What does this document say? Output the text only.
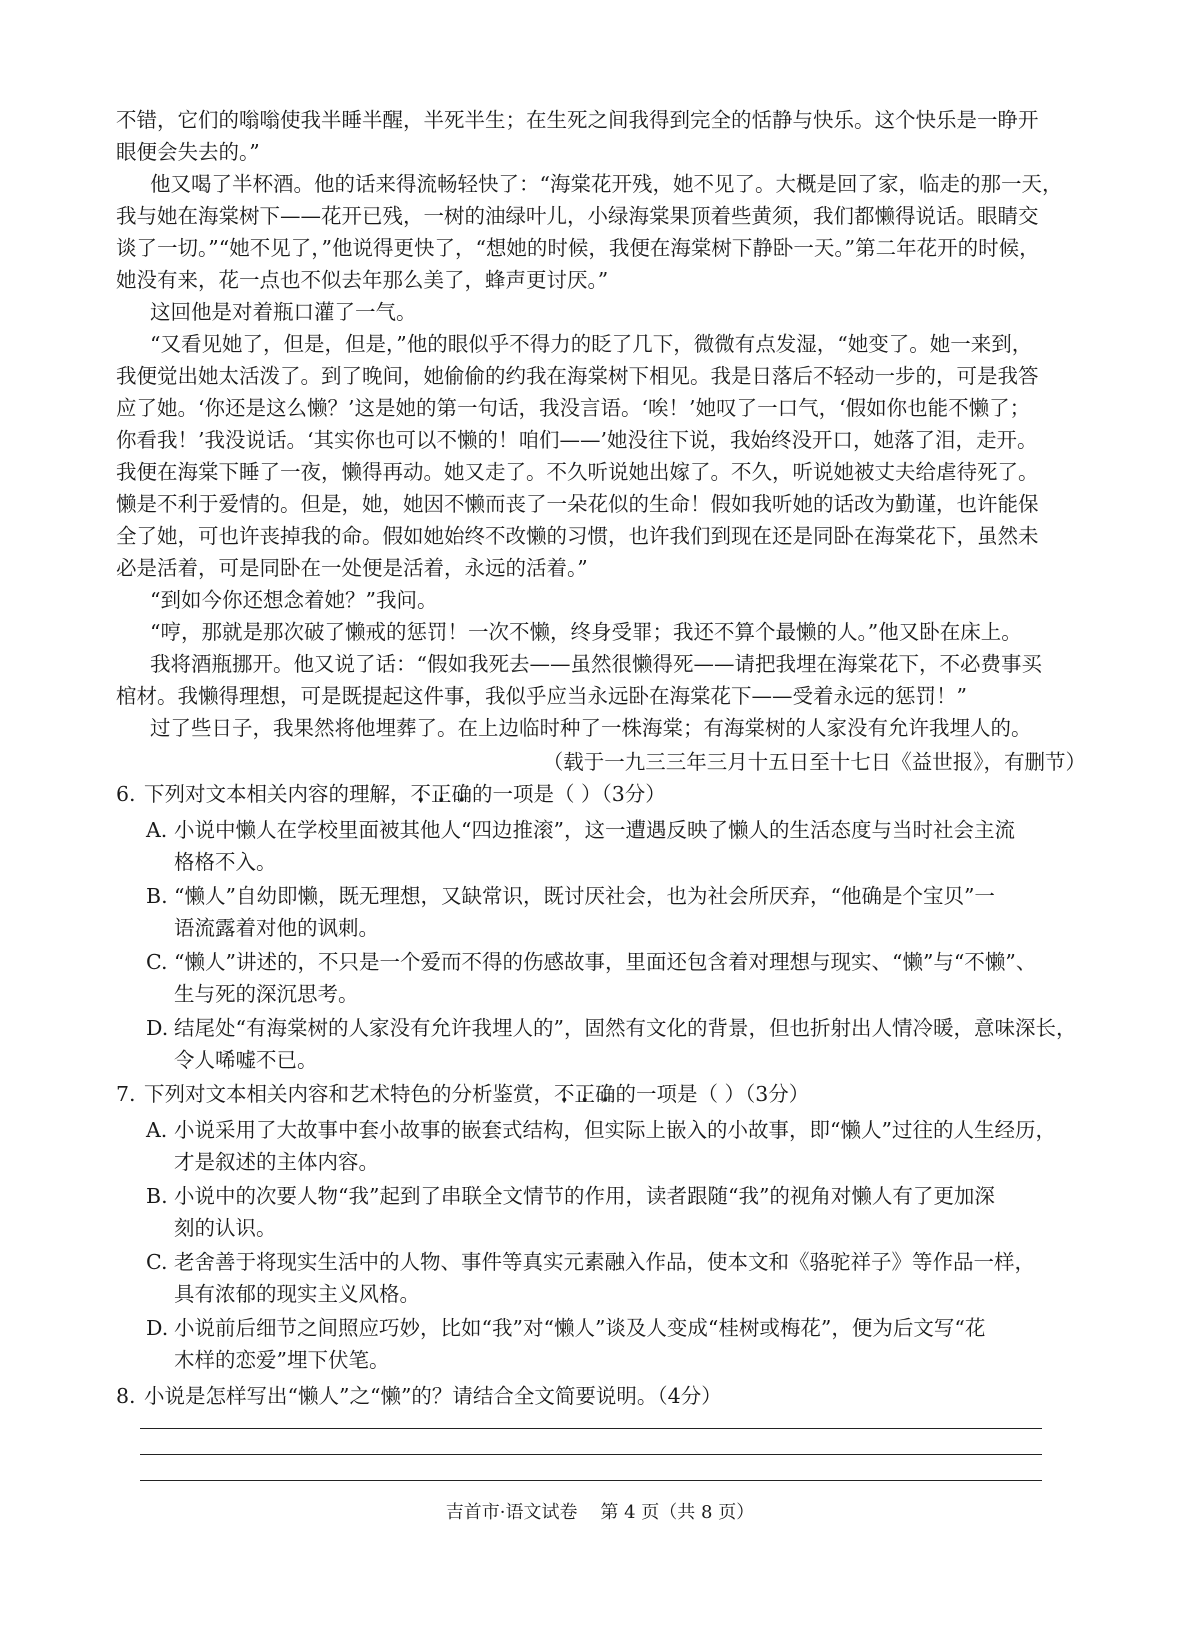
不错，它们的嗡嗡使我半睡半醒，半死半生；在生死之间我得到完全的恬静与快乐。这个快乐是一睁开
眼便会失去的。”
他又喝了半杯酒。他的话来得流畅轻快了：“海棠花开残，她不见了。大概是回了家，临走的那一天，
我与她在海棠树下——花开已残，一树的油绿叶儿，小绿海棠果顶着些黄须，我们都懒得说话。眼睛交
谈了一切。”“她不见了，”他说得更快了，“想她的时候，我便在海棠树下静卧一天。”第二年花开的时候，
她没有来，花一点也不似去年那么美了，蜂声更讨厌。”
这回他是对着瓶口灌了一气。
“又看见她了，但是，但是，”他的眼似乎不得力的眨了几下，微微有点发湿，“她变了。她一来到，
我便觉出她太活泼了。到了晚间，她偷偷的约我在海棠树下相见。我是日落后不轻动一步的，可是我答
应了她。‘你还是这么懒？’这是她的第一句话，我没言语。‘唉！’她叹了一口气，‘假如你也能不懒了；
你看我！’我没说话。‘其实你也可以不懒的！咱们——’她没往下说，我始终没开口，她落了泪，走开。
我便在海棠下睡了一夜，懒得再动。她又走了。不久听说她出嫁了。不久，听说她被丈夫给虐待死了。
懒是不利于爱情的。但是，她，她因不懒而丧了一朵花似的生命！假如我听她的话改为勤谨，也许能保
全了她，可也许丧掉我的命。假如她始终不改懒的习惯，也许我们到现在还是同卧在海棠花下，虽然未
必是活着，可是同卧在一处便是活着，永远的活着。”
“到如今你还想念着她？”我问。
“哼，那就是那次破了懒戒的惩罚！一次不懒，终身受罪；我还不算个最懒的人。”他又卧在床上。
我将酒瓶挪开。他又说了话：“假如我死去——虽然很懒得死——请把我埋在海棠花下，不必费事买
棺材。我懒得理想，可是既提起这件事，我似乎应当永远卧在海棠花下——受着永远的惩罚！”
过了些日子，我果然将他埋葬了。在上边临时种了一株海棠；有海棠树的人家没有允许我埋人的。
（载于一九三三年三月十五日至十七日《益世报》，有删节）
6. 下列对文本相关内容的理解，不 •正 •确 •的一项是（ ）（3分）
A. 小说中懒人在学校里面被其他人“四边推滚”，这一遭遇反映了懒人的生活态度与当时社会主流
格格不入。
B. “懒人”自幼即懒，既无理想，又缺常识，既讨厌社会，也为社会所厌弃，“他确是个宝贝”一
语流露着对他的讽刺。
C. “懒人”讲述的，不只是一个爱而不得的伤感故事，里面还包含着对理想与现实、“懒”与“不懒”、
生与死的深沉思考。
D. 结尾处“有海棠树的人家没有允许我埋人的”，固然有文化的背景，但也折射出人情冷暖，意味深长，
令人唏嘘不已。
7. 下列对文本相关内容和艺术特色的分析鉴赏，不 •正 •确 •的一项是（ ）（3分）
A. 小说采用了大故事中套小故事的嵌套式结构，但实际上嵌入的小故事，即“懒人”过往的人生经历，
才是叙述的主体内容。
B. 小说中的次要人物“我”起到了串联全文情节的作用，读者跟随“我”的视角对懒人有了更加深
刻的认识。
C. 老舍善于将现实生活中的人物、事件等真实元素融入作品，使本文和《骆驼祥子》等作品一样，
具有浓郁的现实主义风格。
D. 小说前后细节之间照应巧妙，比如“我”对“懒人”谈及人变成“桂树或梅花”，便为后文写“花
木样的恋爱”埋下伏笔。
8. 小说是怎样写出“懒人”之“懒”的？请结合全文简要说明。（4分）
吉首市·语文试卷    第 4 页（共 8 页）
